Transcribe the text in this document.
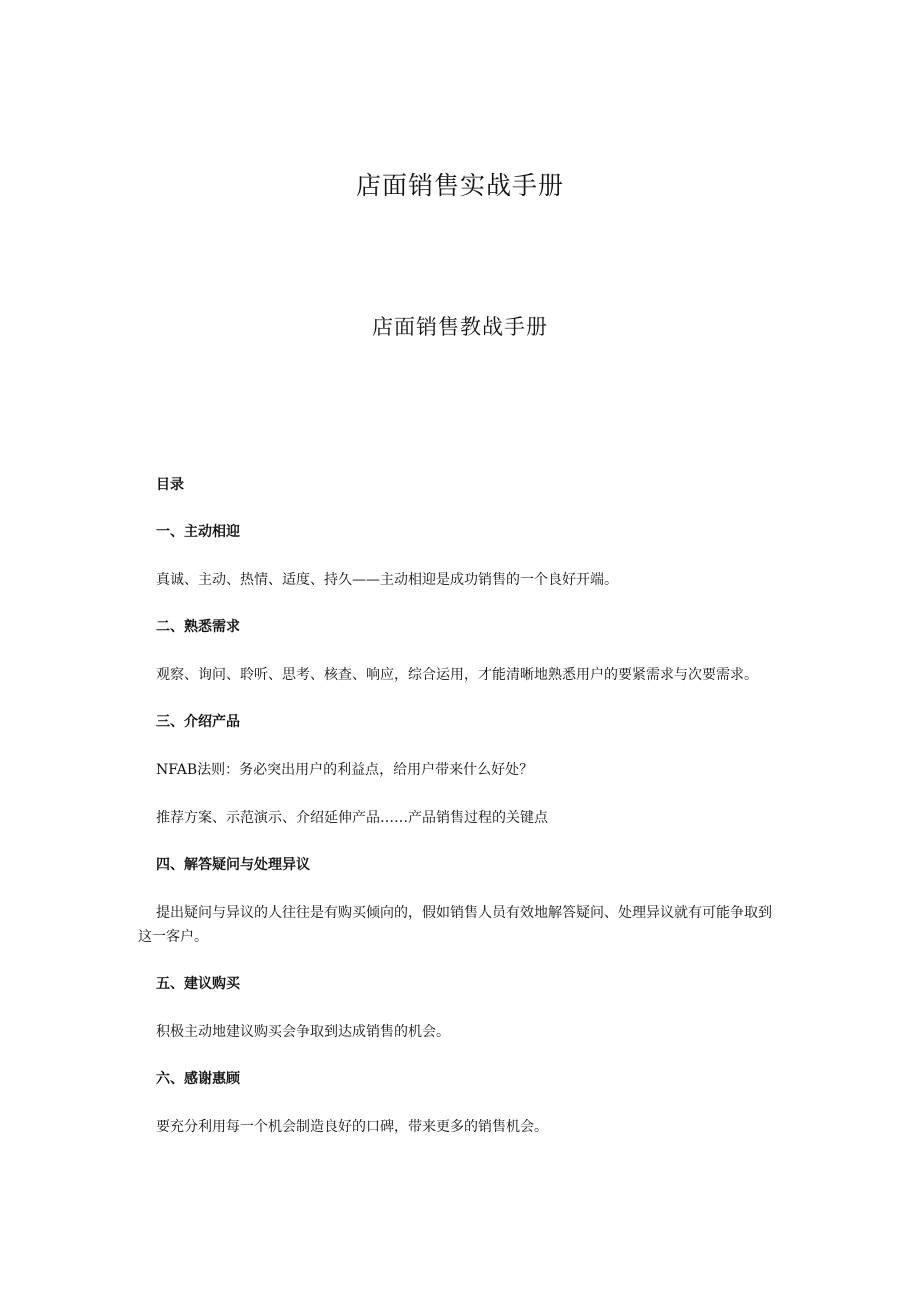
店面销售实战手册
店面销售教战手册

目录

一、主动相迎

真诚、主动、热情、适度、持久——主动相迎是成功销售的一个良好开端。

二、熟悉需求

观察、询问、聆听、思考、核查、响应，综合运用，才能清晰地熟悉用户的要紧需求与次要需求。

三、介绍产品

NFAB法则：务必突出用户的利益点，给用户带来什么好处？

推荐方案、示范演示、介绍延伸产品……产品销售过程的关键点

四、解答疑问与处理异议

提出疑问与异议的人往往是有购买倾向的，假如销售人员有效地解答疑问、处理异议就有可能争取到这一客户。

五、建议购买

积极主动地建议购买会争取到达成销售的机会。

六、感谢惠顾

要充分利用每一个机会制造良好的口碑，带来更多的销售机会。
